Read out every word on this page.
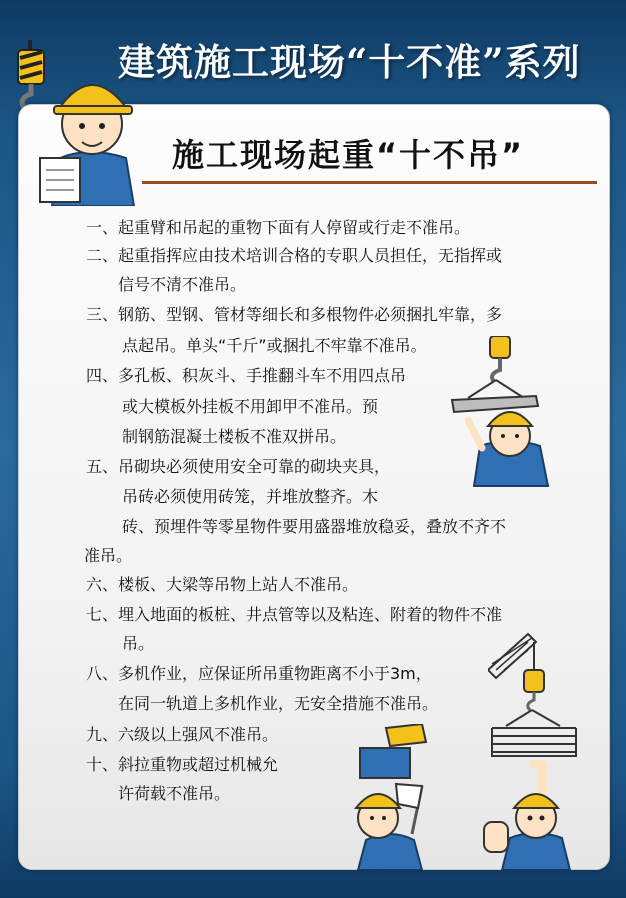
建筑施工现场“十不准”系列
施工现场起重“十不吊”
一、起重臂和吊起的重物下面有人停留或行走不准吊。
二、起重指挥应由技术培训合格的专职人员担任，无指挥或
信号不清不准吊。
三、钢筋、型钢、管材等细长和多根物件必须捆扎牢靠，多
点起吊。单头“千斤”或捆扎不牢靠不准吊。
四、多孔板、积灰斗、手推翻斗车不用四点吊
或大模板外挂板不用卸甲不准吊。预
制钢筋混凝土楼板不准双拼吊。
五、吊砌块必须使用安全可靠的砌块夹具，
吊砖必须使用砖笼，并堆放整齐。木
砖、预埋件等零星物件要用盛器堆放稳妥，叠放不齐不
准吊。
六、楼板、大梁等吊物上站人不准吊。
七、埋入地面的板桩、井点管等以及粘连、附着的物件不准
吊。
八、多机作业，应保证所吊重物距离不小于3m，
在同一轨道上多机作业，无安全措施不准吊。
九、六级以上强风不准吊。
十、斜拉重物或超过机械允
许荷载不准吊。
